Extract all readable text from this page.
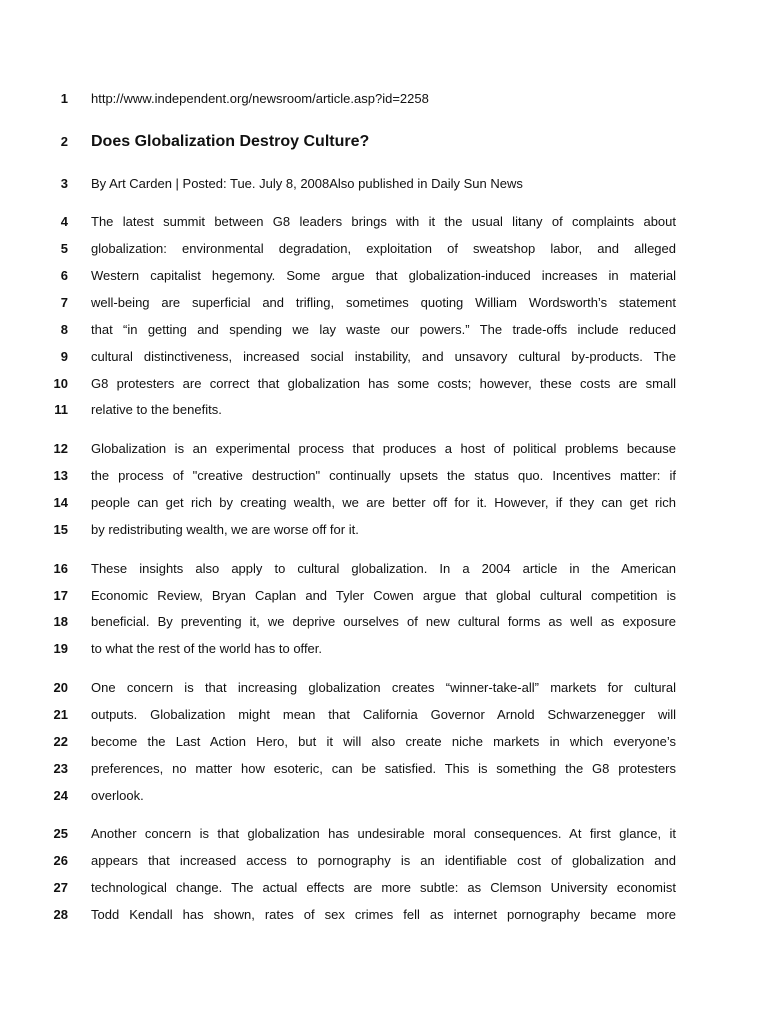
1 http://www.independent.org/newsroom/article.asp?id=2258
2 Does Globalization Destroy Culture?
3 By Art Carden | Posted: Tue. July 8, 2008Also published in Daily Sun News
4 The latest summit between G8 leaders brings with it the usual litany of complaints about
5 globalization: environmental degradation, exploitation of sweatshop labor, and alleged
6 Western capitalist hegemony. Some argue that globalization-induced increases in material
7 well-being are superficial and trifling, sometimes quoting William Wordsworth’s statement
8 that “in getting and spending we lay waste our powers.” The trade-offs include reduced
9 cultural distinctiveness, increased social instability, and unsavory cultural by-products. The
10 G8 protesters are correct that globalization has some costs; however, these costs are small
11 relative to the benefits.
12 Globalization is an experimental process that produces a host of political problems because
13 the process of "creative destruction" continually upsets the status quo. Incentives matter: if
14 people can get rich by creating wealth, we are better off for it. However, if they can get rich
15 by redistributing wealth, we are worse off for it.
16 These insights also apply to cultural globalization. In a 2004 article in the American
17 Economic Review, Bryan Caplan and Tyler Cowen argue that global cultural competition is
18 beneficial. By preventing it, we deprive ourselves of new cultural forms as well as exposure
19 to what the rest of the world has to offer.
20 One concern is that increasing globalization creates “winner-take-all” markets for cultural
21 outputs. Globalization might mean that California Governor Arnold Schwarzenegger will
22 become the Last Action Hero, but it will also create niche markets in which everyone’s
23 preferences, no matter how esoteric, can be satisfied. This is something the G8 protesters
24 overlook.
25 Another concern is that globalization has undesirable moral consequences. At first glance, it
26 appears that increased access to pornography is an identifiable cost of globalization and
27 technological change. The actual effects are more subtle: as Clemson University economist
28 Todd Kendall has shown, rates of sex crimes fell as internet pornography became more
